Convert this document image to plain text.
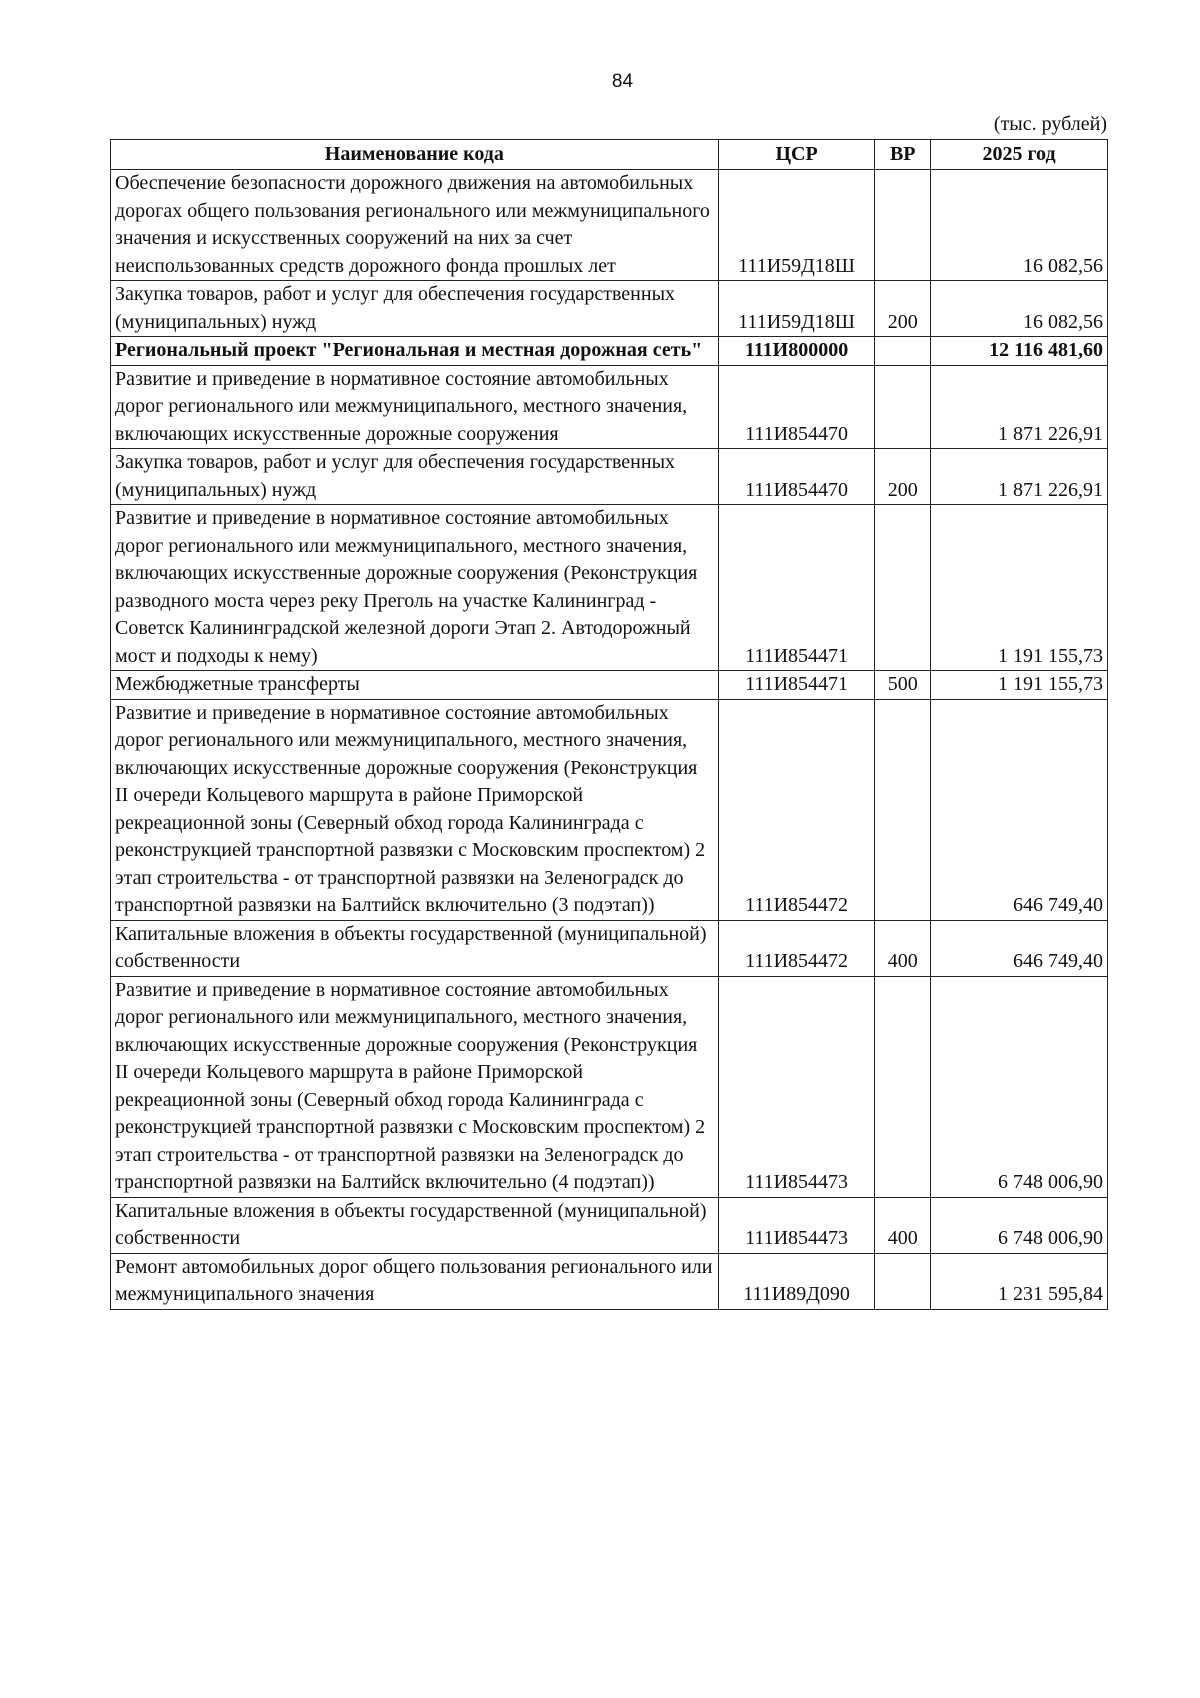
84
(тыс. рублей)
Наименование кода	ЦСР	ВР	2025 год
Обеспечение безопасности дорожного движения на автомобильных дорогах общего пользования регионального или межмуниципального значения и искусственных сооружений на них за счет неиспользованных средств дорожного фонда прошлых лет	111И59Д18Ш		16 082,56
Закупка товаров, работ и услуг для обеспечения государственных (муниципальных) нужд	111И59Д18Ш	200	16 082,56
Региональный проект "Региональная и местная дорожная сеть"	111И800000		12 116 481,60
Развитие и приведение в нормативное состояние автомобильных дорог регионального или межмуниципального, местного значения, включающих искусственные дорожные сооружения	111И854470		1 871 226,91
Закупка товаров, работ и услуг для обеспечения государственных (муниципальных) нужд	111И854470	200	1 871 226,91
Развитие и приведение в нормативное состояние автомобильных дорог регионального или межмуниципального, местного значения, включающих искусственные дорожные сооружения (Реконструкция разводного моста через реку Преголь на участке Калининград - Советск Калининградской железной дороги Этап 2. Автодорожный мост и подходы к нему)	111И854471		1 191 155,73
Межбюджетные трансферты	111И854471	500	1 191 155,73
Развитие и приведение в нормативное состояние автомобильных дорог регионального или межмуниципального, местного значения, включающих искусственные дорожные сооружения (Реконструкция II очереди Кольцевого маршрута в районе Приморской рекреационной зоны (Северный обход города Калининграда с реконструкцией транспортной развязки с Московским проспектом) 2 этап строительства - от транспортной развязки на Зеленоградск до транспортной развязки на Балтийск включительно (3 подэтап))	111И854472		646 749,40
Капитальные вложения в объекты государственной (муниципальной) собственности	111И854472	400	646 749,40
Развитие и приведение в нормативное состояние автомобильных дорог регионального или межмуниципального, местного значения, включающих искусственные дорожные сооружения (Реконструкция II очереди Кольцевого маршрута в районе Приморской рекреационной зоны (Северный обход города Калининграда с реконструкцией транспортной развязки с Московским проспектом) 2 этап строительства - от транспортной развязки на Зеленоградск до транспортной развязки на Балтийск включительно (4 подэтап))	111И854473		6 748 006,90
Капитальные вложения в объекты государственной (муниципальной) собственности	111И854473	400	6 748 006,90
Ремонт автомобильных дорог общего пользования регионального или межмуниципального значения	111И89Д090		1 231 595,84
